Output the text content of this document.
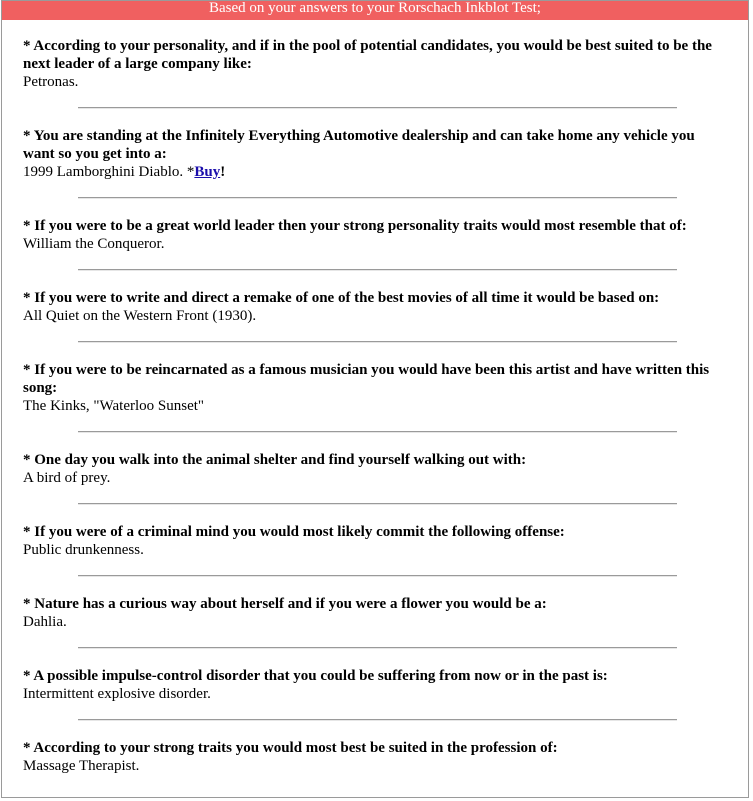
Based on your answers to your Rorschach Inkblot Test;
* According to your personality, and if in the pool of potential candidates, you would be best suited to be the next leader of a large company like:
Petronas.
* You are standing at the Infinitely Everything Automotive dealership and can take home any vehicle you want so you get into a:
1999 Lamborghini Diablo. *Buy!
* If you were to be a great world leader then your strong personality traits would most resemble that of:
William the Conqueror.
* If you were to write and direct a remake of one of the best movies of all time it would be based on:
All Quiet on the Western Front (1930).
* If you were to be reincarnated as a famous musician you would have been this artist and have written this song:
The Kinks, "Waterloo Sunset"
* One day you walk into the animal shelter and find yourself walking out with:
A bird of prey.
* If you were of a criminal mind you would most likely commit the following offense:
Public drunkenness.
* Nature has a curious way about herself and if you were a flower you would be a:
Dahlia.
* A possible impulse-control disorder that you could be suffering from now or in the past is:
Intermittent explosive disorder.
* According to your strong traits you would most best be suited in the profession of:
Massage Therapist.
